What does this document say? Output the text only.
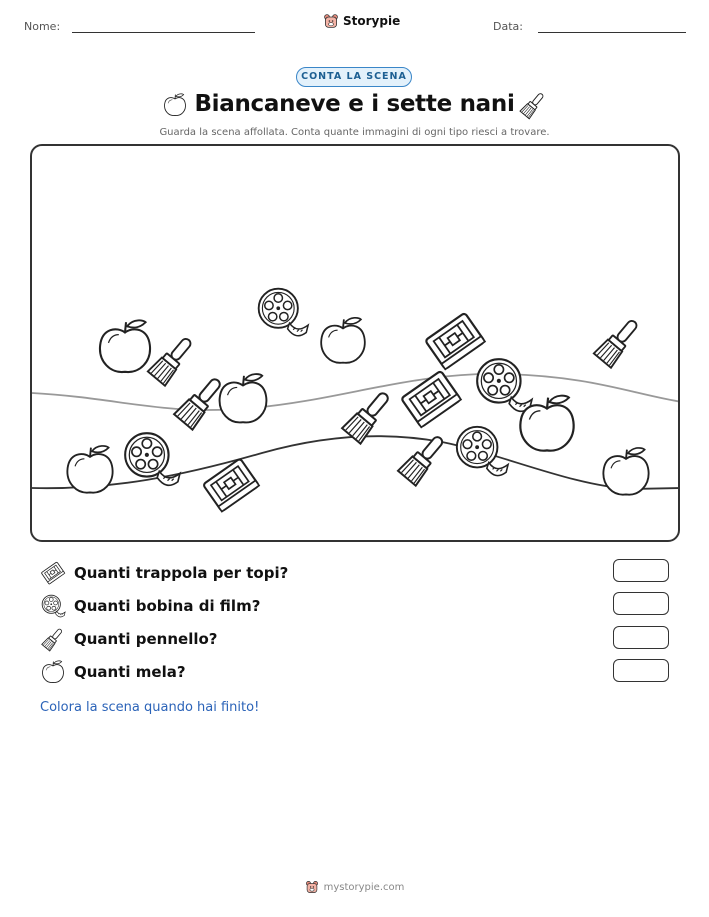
Nome:	Storypie	Data:
CONTA LA SCENA
Biancaneve e i sette nani
Guarda la scena affollata. Conta quante immagini di ogni tipo riesci a trovare.
Quanti trappola per topi?
Quanti bobina di film?
Quanti pennello?
Quanti mela?
Colora la scena quando hai finito!
mystorypie.com
